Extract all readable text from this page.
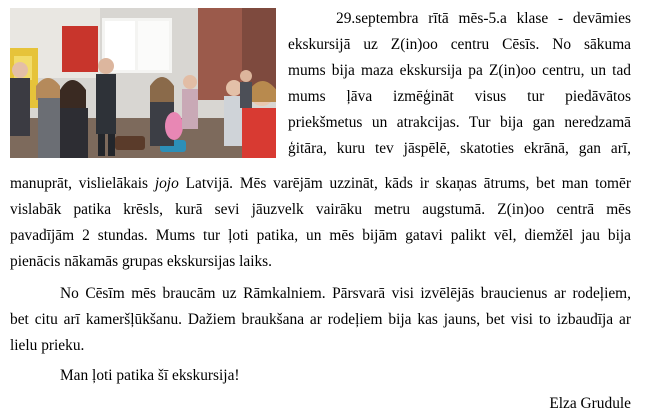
29.septembra rītā mēs-5.a klase - devāmies
ekskursijā uz Z(in)oo centru Cēsīs. No sākuma
mums bija maza ekskursija pa Z(in)oo centru, un tad
mums ļāva izmēģināt visus tur piedāvātos
priekšmetus un atrakcijas. Tur bija gan neredzamā
ģitāra, kuru tev jāspēlē, skatoties ekrānā, gan arī,
manuprāt, vislielākais jojo Latvijā. Mēs varējām uzzināt, kāds ir skaņas ātrums, bet man tomēr
vislabāk patika krēsls, kurā sevi jāuzvelk vairāku metru augstumā. Z(in)oo centrā mēs
pavadījām 2 stundas. Mums tur ļoti patika, un mēs bijām gatavi palikt vēl, diemžēl jau bija
pienācis nākamās grupas ekskursijas laiks.
No Cēsīm mēs braucām uz Rāmkalniem. Pārsvarā visi izvēlējās braucienus ar rodeļiem,
bet citu arī kameršļūkšanu. Dažiem braukšana ar rodeļiem bija kas jauns, bet visi to izbaudīja ar
lielu prieku.
Man ļoti patika šī ekskursija!
Elza Grudule
